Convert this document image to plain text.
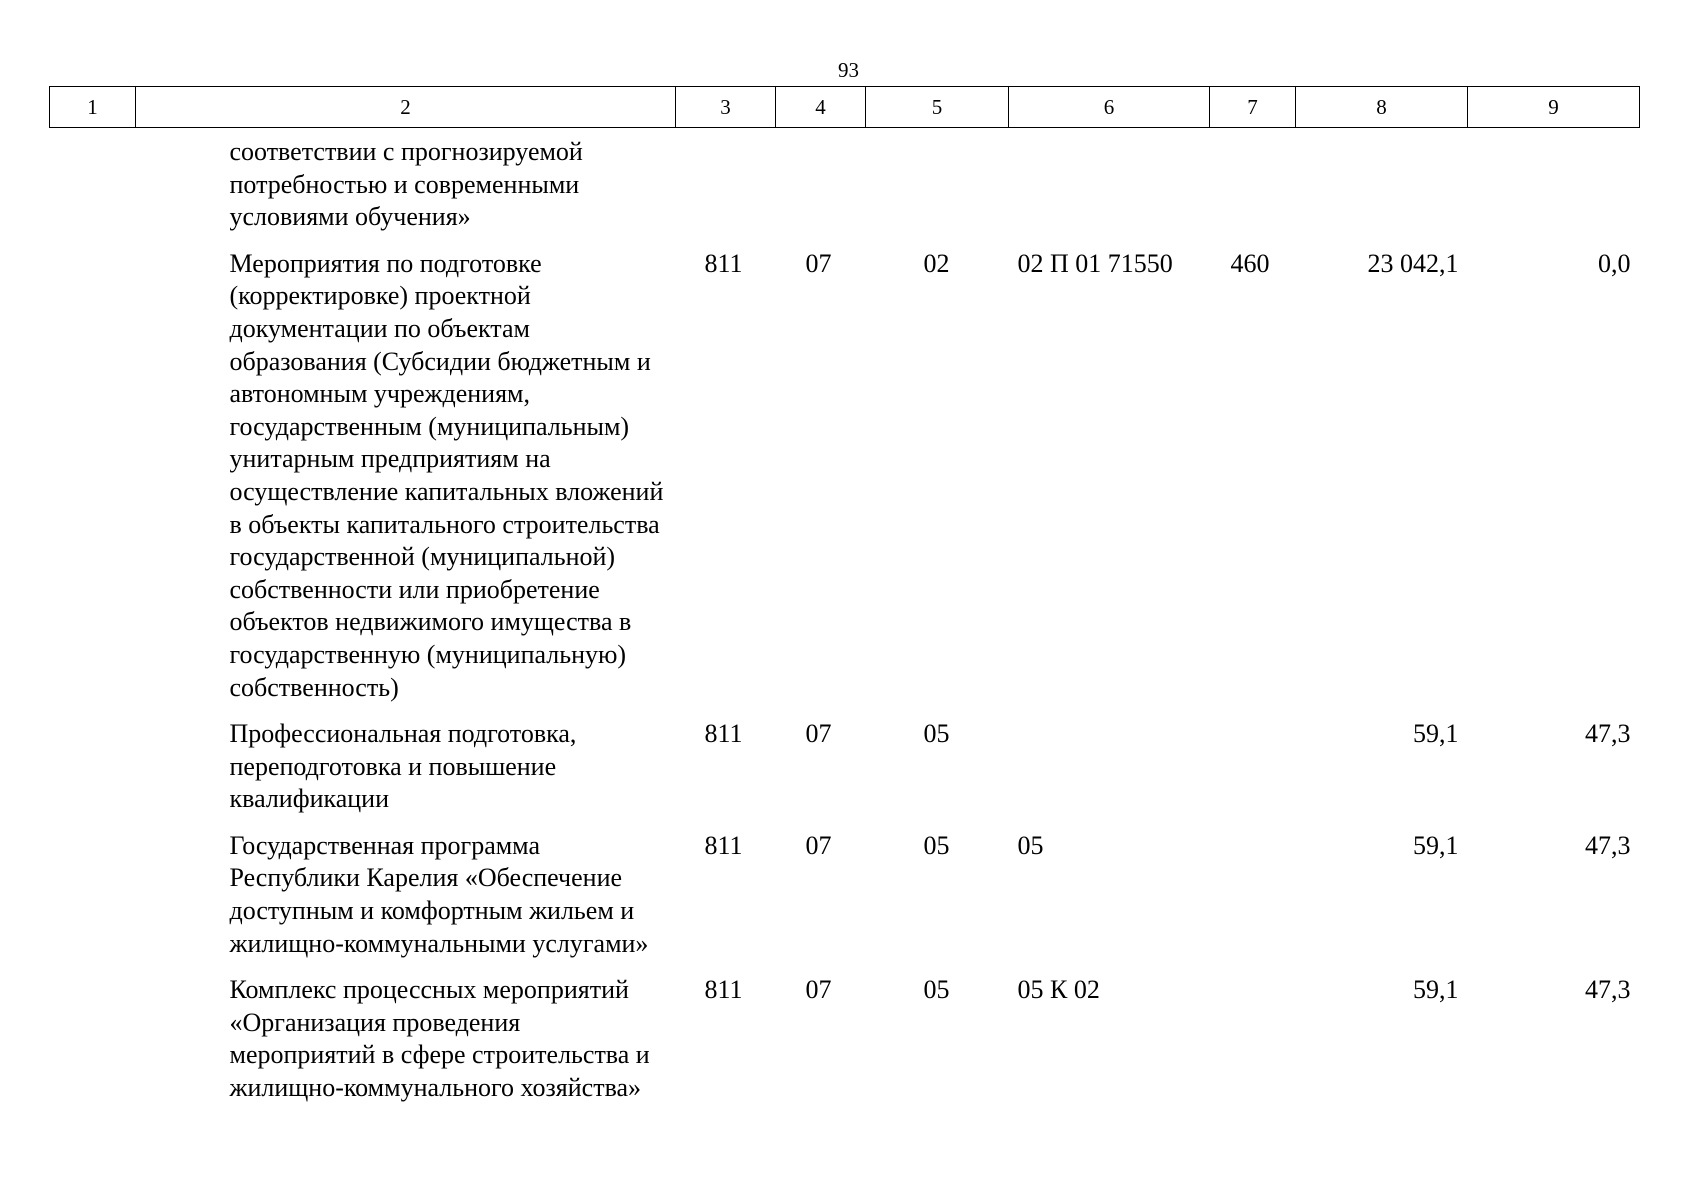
93
1	2	3	4	5	6	7	8	9
	соответствии с прогнозируемой потребностью и современными условиями обучения»							
	Мероприятия по подготовке (корректировке) проектной документации по объектам образования (Субсидии бюджетным и автономным учреждениям, государственным (муниципальным) унитарным предприятиям на осуществление капитальных вложений в объекты капитального строительства государственной (муниципальной) собственности или приобретение объектов недвижимого имущества в государственную (муниципальную) собственность)	811	07	02	02 П 01 71550	460	23 042,1	0,0
	Профессиональная подготовка, переподготовка и повышение квалификации	811	07	05			59,1	47,3
	Государственная программа Республики Карелия «Обеспечение доступным и комфортным жильем и жилищно-коммунальными услугами»	811	07	05	05		59,1	47,3
	Комплекс процессных мероприятий «Организация проведения мероприятий в сфере строительства и жилищно-коммунального хозяйства»	811	07	05	05 К 02		59,1	47,3
